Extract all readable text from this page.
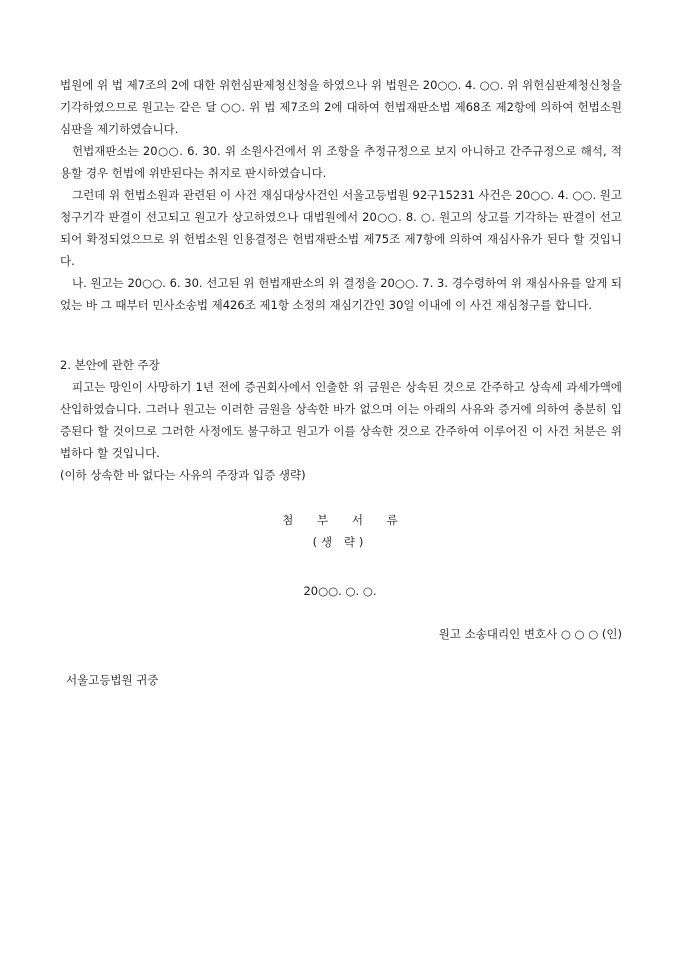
법원에 위 법 제7조의 2에 대한 위헌심판제청신청을 하였으나 위 법원은 20○○. 4. ○○. 위 위헌심판제청신청을 기각하였으므로 원고는 같은 달 ○○. 위 법 제7조의 2에 대하여 헌법재판소법 제68조 제2항에 의하여 헌법소원심판을 제기하였습니다.

헌법재판소는 20○○. 6. 30. 위 소원사건에서 위 조항을 추정규정으로 보지 아니하고 간주규정으로 해석, 적용할 경우 헌법에 위반된다는 취지로 판시하였습니다.

그런데 위 헌법소원과 관련된 이 사건 재심대상사건인 서울고등법원 92구15231 사건은 20○○. 4. ○○. 원고 청구기각 판결이 선고되고 원고가 상고하였으나 대법원에서 20○○. 8. ○. 원고의 상고를 기각하는 판결이 선고되어 확정되었으므로 위 헌법소원 인용결정은 헌법재판소법 제75조 제7항에 의하여 재심사유가 된다 할 것입니다.

나. 원고는 20○○. 6. 30. 선고된 위 헌법재판소의 위 결정을 20○○. 7. 3. 경수령하여 위 재심사유를 알게 되었는 바 그 때부터 민사소송법 제426조 제1항 소정의 재심기간인 30일 이내에 이 사건 재심청구를 합니다.

2. 본안에 관한 주장

피고는 망인이 사망하기 1년 전에 증권회사에서 인출한 위 금원은 상속된 것으로 간주하고 상속세 과세가액에 산입하였습니다. 그러나 원고는 이러한 금원을 상속한 바가 없으며 이는 아래의 사유와 증거에 의하여 충분히 입증된다 할 것이므로 그러한 사정에도 불구하고 원고가 이를 상속한 것으로 간주하여 이루어진 이 사건 처분은 위법하다 할 것입니다.

(이하 상속한 바 없다는 사유의 주장과 입증 생략)
첨 부 서 류
(생 략)
20○○. ○. ○.
원고 소송대리인 변호사 ○ ○ ○ (인)
서울고등법원 귀중
